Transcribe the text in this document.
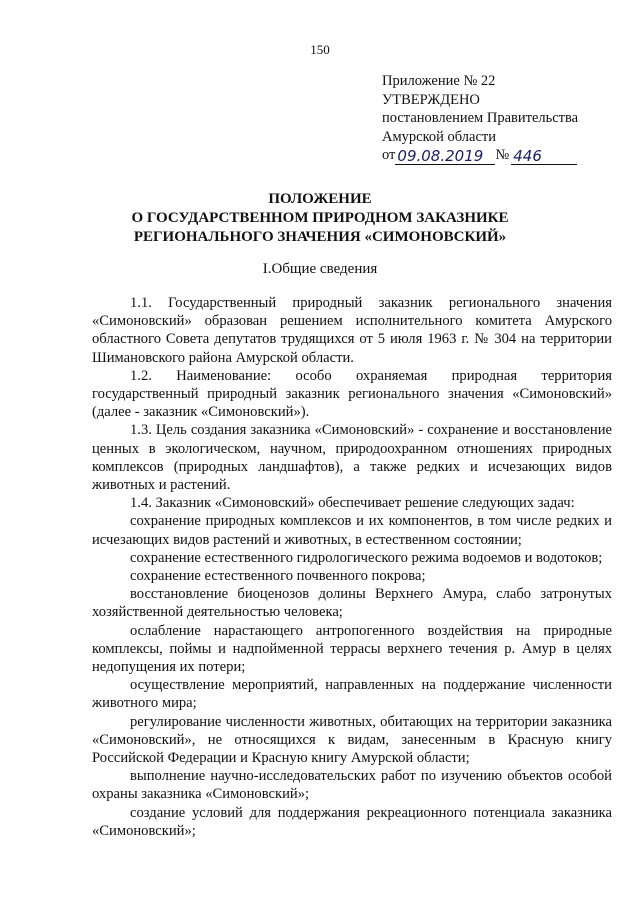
150
Приложение № 22
УТВЕРЖДЕНО
постановлением Правительства
Амурской области
от 09.08.2019 № 446
ПОЛОЖЕНИЕ
О ГОСУДАРСТВЕННОМ ПРИРОДНОМ ЗАКАЗНИКЕ
РЕГИОНАЛЬНОГО ЗНАЧЕНИЯ «СИМОНОВСКИЙ»
I.Общие сведения

1.1. Государственный природный заказник регионального значения «Симоновский» образован решением исполнительного комитета Амурского областного Совета депутатов трудящихся от 5 июля 1963 г. № 304 на территории Шимановского района Амурской области.

1.2. Наименование: особо охраняемая природная территория государственный природный заказник регионального значения «Симоновский» (далее - заказник «Симоновский»).

1.3. Цель создания заказника «Симоновский» - сохранение и восстановление ценных в экологическом, научном, природоохранном отношениях природных комплексов (природных ландшафтов), а также редких и исчезающих видов животных и растений.

1.4. Заказник «Симоновский» обеспечивает решение следующих задач:

сохранение природных комплексов и их компонентов, в том числе редких и исчезающих видов растений и животных, в естественном состоянии;

сохранение естественного гидрологического режима водоемов и водотоков;

сохранение естественного почвенного покрова;

восстановление биоценозов долины Верхнего Амура, слабо затронутых хозяйственной деятельностью человека;

ослабление нарастающего антропогенного воздействия на природные комплексы, поймы и надпойменной террасы верхнего течения р. Амур в целях недопущения их потери;

осуществление мероприятий, направленных на поддержание численности животного мира;

регулирование численности животных, обитающих на территории заказника «Симоновский», не относящихся к видам, занесенным в Красную книгу Российской Федерации и Красную книгу Амурской области;

выполнение научно-исследовательских работ по изучению объектов особой охраны заказника «Симоновский»;

создание условий для поддержания рекреационного потенциала заказника «Симоновский»;
